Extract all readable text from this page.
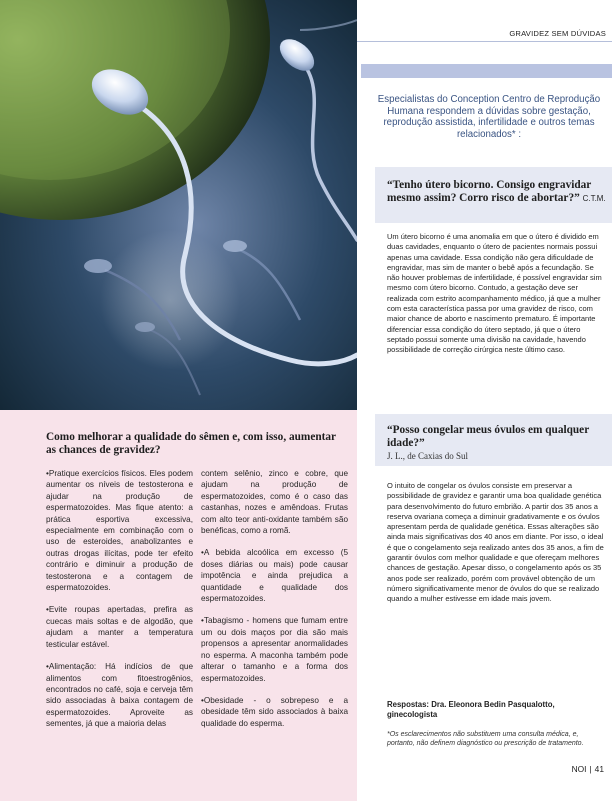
Como melhorar a qualidade do sêmen e, com isso, aumentar as chances de gravidez?

•Pratique exercícios físicos. Eles podem aumentar os níveis de testosterona e ajudar na produção de espermatozoides. Mas fique atento: a prática esportiva excessiva, especialmente em combinação com o uso de esteroides, anabolizantes e outras drogas ilícitas, pode ter efeito contrário e diminuir a produção de testosterona e a contagem de espermatozoides.

•Evite roupas apertadas, prefira as cuecas mais soltas e de algodão, que ajudam a manter a temperatura testicular estável.

•Alimentação: Há indícios de que alimentos com fitoestrogênios, encontrados no café, soja e cerveja têm sido associadas à baixa contagem de espermatozoides. Aproveite as sementes, já que a maioria delas

contem selênio, zinco e cobre, que ajudam na produção de espermatozoides, como é o caso das castanhas, nozes e amêndoas. Frutas com alto teor anti-oxidante também são benéficas, como a romã.

•A bebida alcoólica em excesso (5 doses diárias ou mais) pode causar impotência e ainda prejudica a quantidade e qualidade dos espermatozoides.

•Tabagismo - homens que fumam entre um ou dois maços por dia são mais propensos a apresentar anormalidades no esperma. A maconha também pode alterar o tamanho e a forma dos espermatozoides.

•Obesidade - o sobrepeso e a obesidade têm sido associados à baixa qualidade do esperma.

GRAVIDEZ SEM DÚVIDAS

Especialistas do Conception Centro de Reprodução Humana respondem a dúvidas sobre gestação, reprodução assistida, infertilidade e outros temas relacionados* :

“Tenho útero bicorno. Consigo engravidar mesmo assim? Corro risco de abortar?” C.T.M.

Um útero bicorno é uma anomalia em que o útero é dividido em duas cavidades, enquanto o útero de pacientes normais possui apenas uma cavidade. Essa condição não gera dificuldade de engravidar, mas sim de manter o bebê após a fecundação. Se não houver problemas de infertilidade, é possível engravidar sim mesmo com útero bicorno. Contudo, a gestação deve ser realizada com estrito acompanhamento médico, já que a mulher com esta característica passa por uma gravidez de risco, com maior chance de aborto e nascimento prematuro. É importante diferenciar essa condição do útero septado, já que o útero septado possui somente uma divisão na cavidade, havendo possibilidade de correção cirúrgica neste último caso.

“Posso congelar meus óvulos em qualquer idade?”

J. L., de Caxias do Sul

O intuito de congelar os óvulos consiste em preservar a possibilidade de gravidez e garantir uma boa qualidade genética para desenvolvimento do futuro embrião. A partir dos 35 anos a reserva ovariana começa a diminuir gradativamente e os óvulos apresentam perda de qualidade genética. Essas alterações são ainda mais significativas dos 40 anos em diante. Por isso, o ideal é que o congelamento seja realizado antes dos 35 anos, a fim de garantir óvulos com melhor qualidade e que ofereçam melhores chances de gestação. Apesar disso, o congelamento após os 35 anos pode ser realizado, porém com provável obtenção de um número significativamente menor de óvulos do que se realizado quando a mulher estivesse em idade mais jovem.

Respostas: Dra. Eleonora Bedin Pasqualotto, ginecologista

*Os esclarecimentos não substituem uma consulta médica, e, portanto, não definem diagnóstico ou prescrição de tratamento.

NOI | 41
